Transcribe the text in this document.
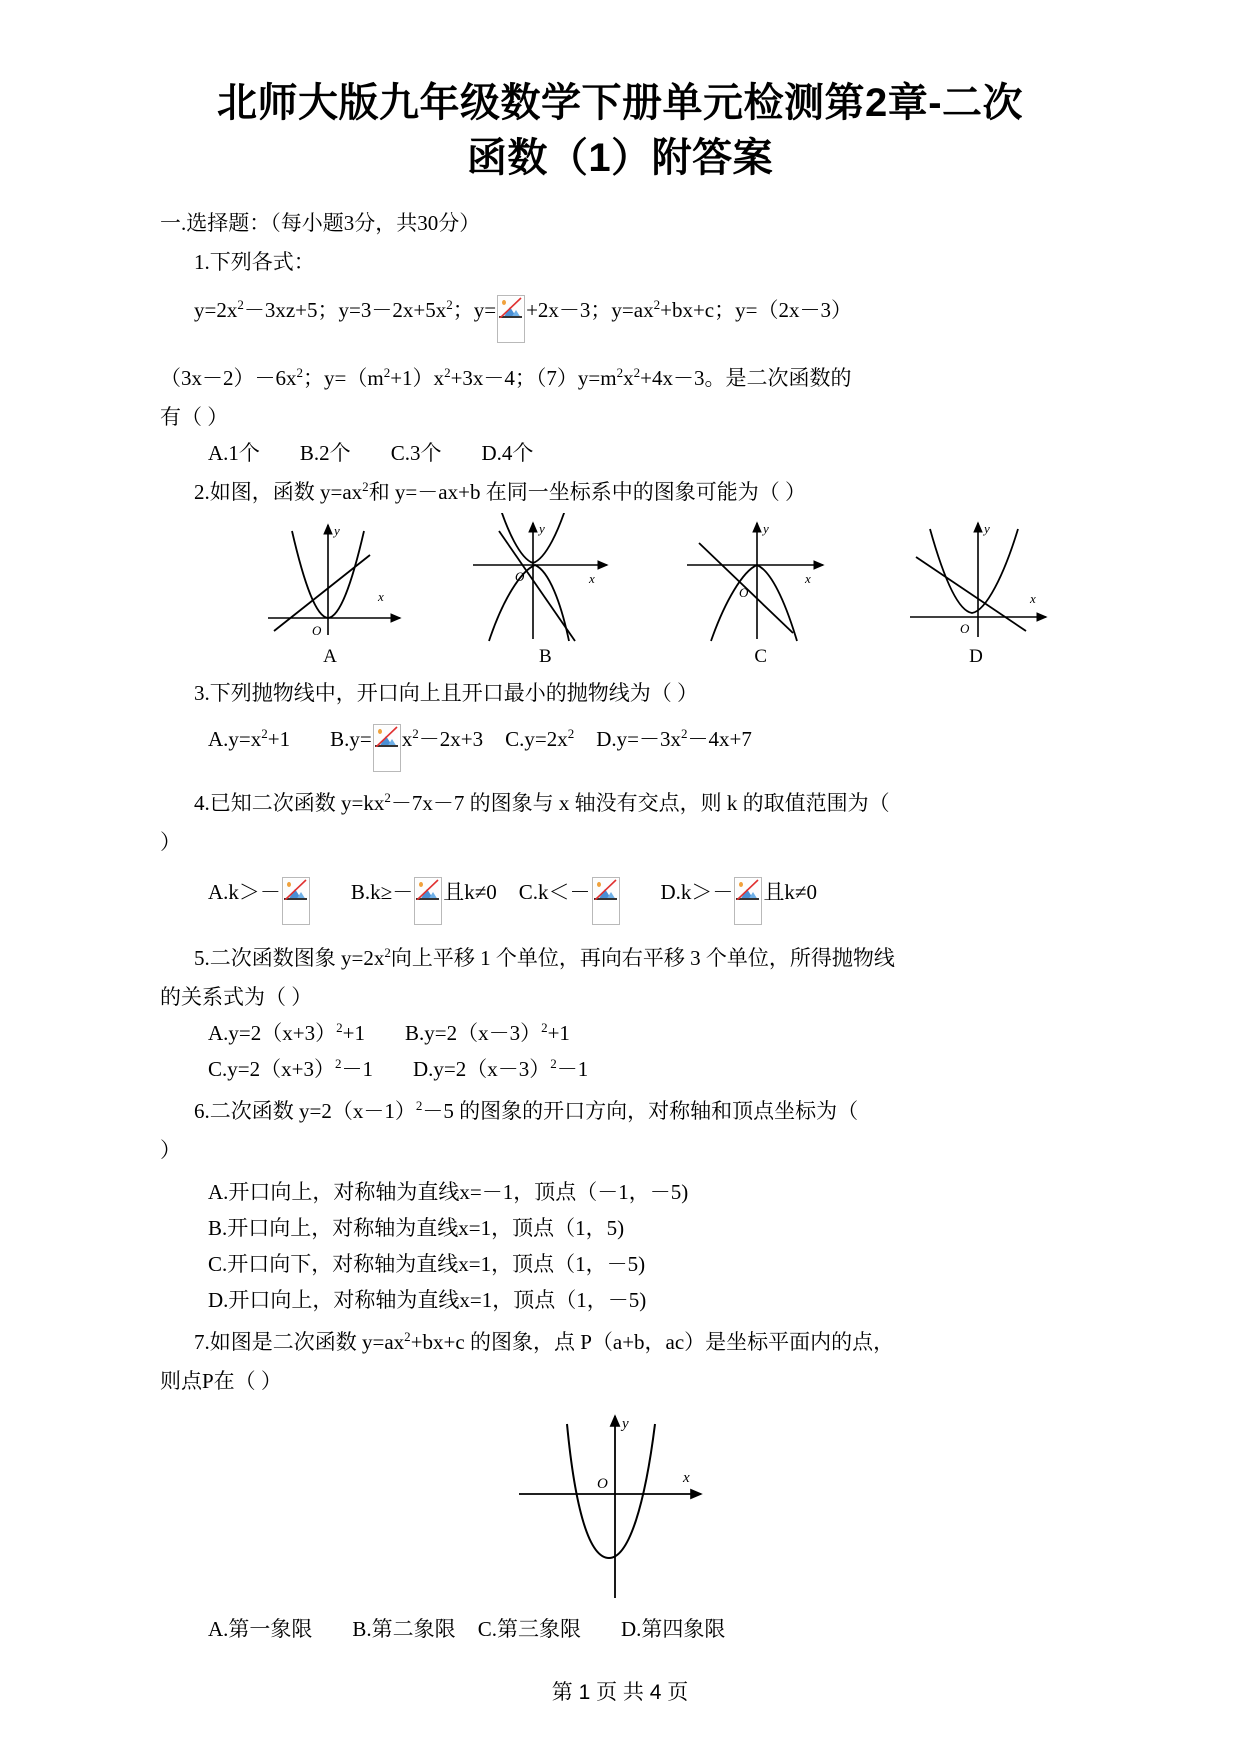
北师大版九年级数学下册单元检测第2章-二次
函数（1）附答案
一.选择题：（每小题3分，共30分）
1.下列各式：
$y=2x^2-3xz+5$；$y=3-2x+5x^2$；y= +2x－3；$y=ax^2+bx+c$；y=（2x－3）
$(3x-2)-6x^2$；$y=(m^2+1)x^2+3x-4$；$(7)y=m^2x^2+4x-3$。是二次函数的
有（ ）
A.1个 B.2个 C.3个 D.4个
2.如图，函数 $y=ax^2$和 y=－ax+b 在同一坐标系中的图象可能为（ ）
y
x
O
A
y
x
O
B
y
x
O
C
y
x
O
D
3.下列抛物线中，开口向上且开口最小的抛物线为（ ）
$A.y=x^2+1$ $B.y= x^2-2x+3$ $C.y=2x^2$ $D.y=-3x^2-4x+7$
4.已知二次函数 $y=kx^2-7x-7$ 的图象与 x 轴没有交点，则 k 的取值范围为（
）
A.k＞－	B.k≥－ 且k≠0 C.k＜－	D.k＞－ 且k≠0
5.二次函数图象 $y=2x^2$向上平移 1 个单位，再向右平移 3 个单位，所得抛物线
的关系式为（ ）
$A.y=2(x+3)^2+1$ $B.y=2(x-3)^2+1$
$C.y=2(x+3)^2-1$ $D.y=2(x-3)^2-1$
6.二次函数 $y=2(x-1)^2-5$ 的图象的开口方向，对称轴和顶点坐标为（
）
A.开口向上，对称轴为直线x=－1，顶点（－1，－5)
B.开口向上，对称轴为直线x=1，顶点（1，5)
C.开口向下，对称轴为直线x=1，顶点（1，－5)
D.开口向上，对称轴为直线x=1，顶点（1，－5)
7.如图是二次函数 $y=ax^2+bx+c$ 的图象，点 P（a+b，ac）是坐标平面内的点，
则点P在（ ）
y
x
O
A.第一象限 B.第二象限 C.第三象限 D.第四象限
第 1 页 共 4 页
